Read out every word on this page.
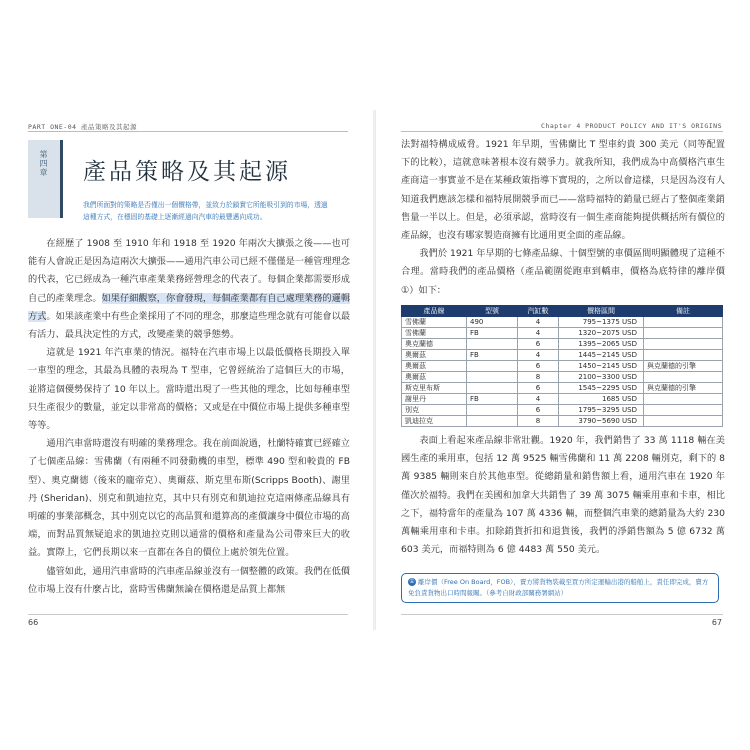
PART ONE-04 產品策略及其起源
第四章 產品策略及其起源
我們所面對的策略是否僅出一個價格帶，並致力於鎖實它所能吸引到的市場，透過這種方式，在穩固的基礎上逐漸經過向汽車的最豐邁向成功。

在經歷了 1908 至 1910 年和 1918 至 1920 年兩次大擴張之後——也可能有人會說正是因為這兩次大擴張——通用汽車公司已經不僅僅是一種管理理念的代表，它已經成為一種汽車產業業務經營理念的代表了。每個企業都需要形成自己的產業理念。如果仔細觀察，你會發現，每個產業都有自己處理業務的邏輯方式。如果該產業中有些企業採用了不同的理念，那麼這些理念就有可能會以最有活力、最具決定性的方式，改變產業的競爭態勢。

這就是 1921 年汽車業的情況。福特在汽車市場上以最低價格長期投入單一車型的理念，其最為具體的表現為 T 型車，它曾經統治了這個巨大的市場，並將這個優勢保持了 10 年以上。當時還出現了一些其他的理念，比如每種車型只生產很少的數量，並定以非常高的價格；又或是在中價位市場上提供多種車型等等。

通用汽車當時還沒有明確的業務理念。我在前面說過，杜蘭特確實已經確立了七個產品線：雪佛蘭（有兩種不同發動機的車型，標準 490 型和較貴的 FB 型）、奧克蘭德（後來的龐帝克）、奧爾茲、斯克里布斯(Scripps Booth)、謝里丹 (Sheridan)、別克和凱迪拉克，其中只有別克和凱迪拉克這兩條產品線具有明確的事業部概念，其中別克以它的高品質和還算高的產價讓身中價位市場的高端，而對品質無疑追求的凱迪拉克則以通當的價格和產量為公司帶來巨大的收益。實際上，它們長期以來一直都在各自的價位上處於領先位置。

儘管如此，通用汽車當時的汽車產品線並沒有一個整體的政策。我們在低價位市場上沒有什麼占比，當時雪佛蘭無論在價格還是品質上都無

66
Chapter 4 PRODUCT POLICY AND IT'S ORIGINS

法對福特構成威脅。1921 年早期，雪佛蘭比 T 型車約貴 300 美元（同等配置下的比較），這就意味著根本沒有競爭力。就我所知，我們成為中高價格汽車生產商這一事實並不是在某種政策指導下實現的，之所以會這樣，只是因為沒有人知道我們應該怎樣和福特展開競爭而已——當時福特的銷量已經占了整個產業銷售量一半以上。但是，必須承認，當時沒有一個生產商能夠提供概括所有價位的產品線，也沒有哪家製造商擁有比通用更全面的產品線。

我們於 1921 年早期的七條產品線、十個型號的車價區間明顯體現了這種不合理。當時我們的產品價格（產品範圍從跑車到轎車，價格為底特律的離岸價①）如下：

產品線	型號	汽缸數	價格區間	備註
雪佛蘭	490	4	795~1375 USD	
雪佛蘭	FB	4	1320~2075 USD	
奧克蘭德		6	1395~2065 USD	
奧爾茲	FB	4	1445~2145 USD	
奧爾茲		6	1450~2145 USD	與克蘭德的引擎
奧爾茲		8	2100~3300 USD	
斯克里布斯		6	1545~2295 USD	與克蘭德的引擎
謝里丹	FB	4	1685 USD	
別克		6	1795~3295 USD	
凱迪拉克		8	3790~5690 USD	

表面上看起來產品線非常壯觀。1920 年，我們銷售了 33 萬 1118 輛在美國生產的乘用車，包括 12 萬 9525 輛雪佛蘭和 11 萬 2208 輛別克，剩下的 8 萬 9385 輛則來自於其他車型。從總銷量和銷售額上看，通用汽車在 1920 年僅次於福特。我們在美國和加拿大共銷售了 39 萬 3075 輛乘用車和卡車，相比之下，福特當年的產量為 107 萬 4336 輛，而整個汽車業的總銷量為大約 230 萬輛乘用車和卡車。扣除銷貨折扣和退貨後，我們的淨銷售額為 5 億 6732 萬 603 美元，而福特則為 6 億 4483 萬 550 美元。

① 離岸價（Free On Board，FOB），賣方將貨物裝載至買方所定運輸出港的船舶上，責任即完成，賣方免負責貨物出口時間報關。（參考自財政部關務署網站）
67
